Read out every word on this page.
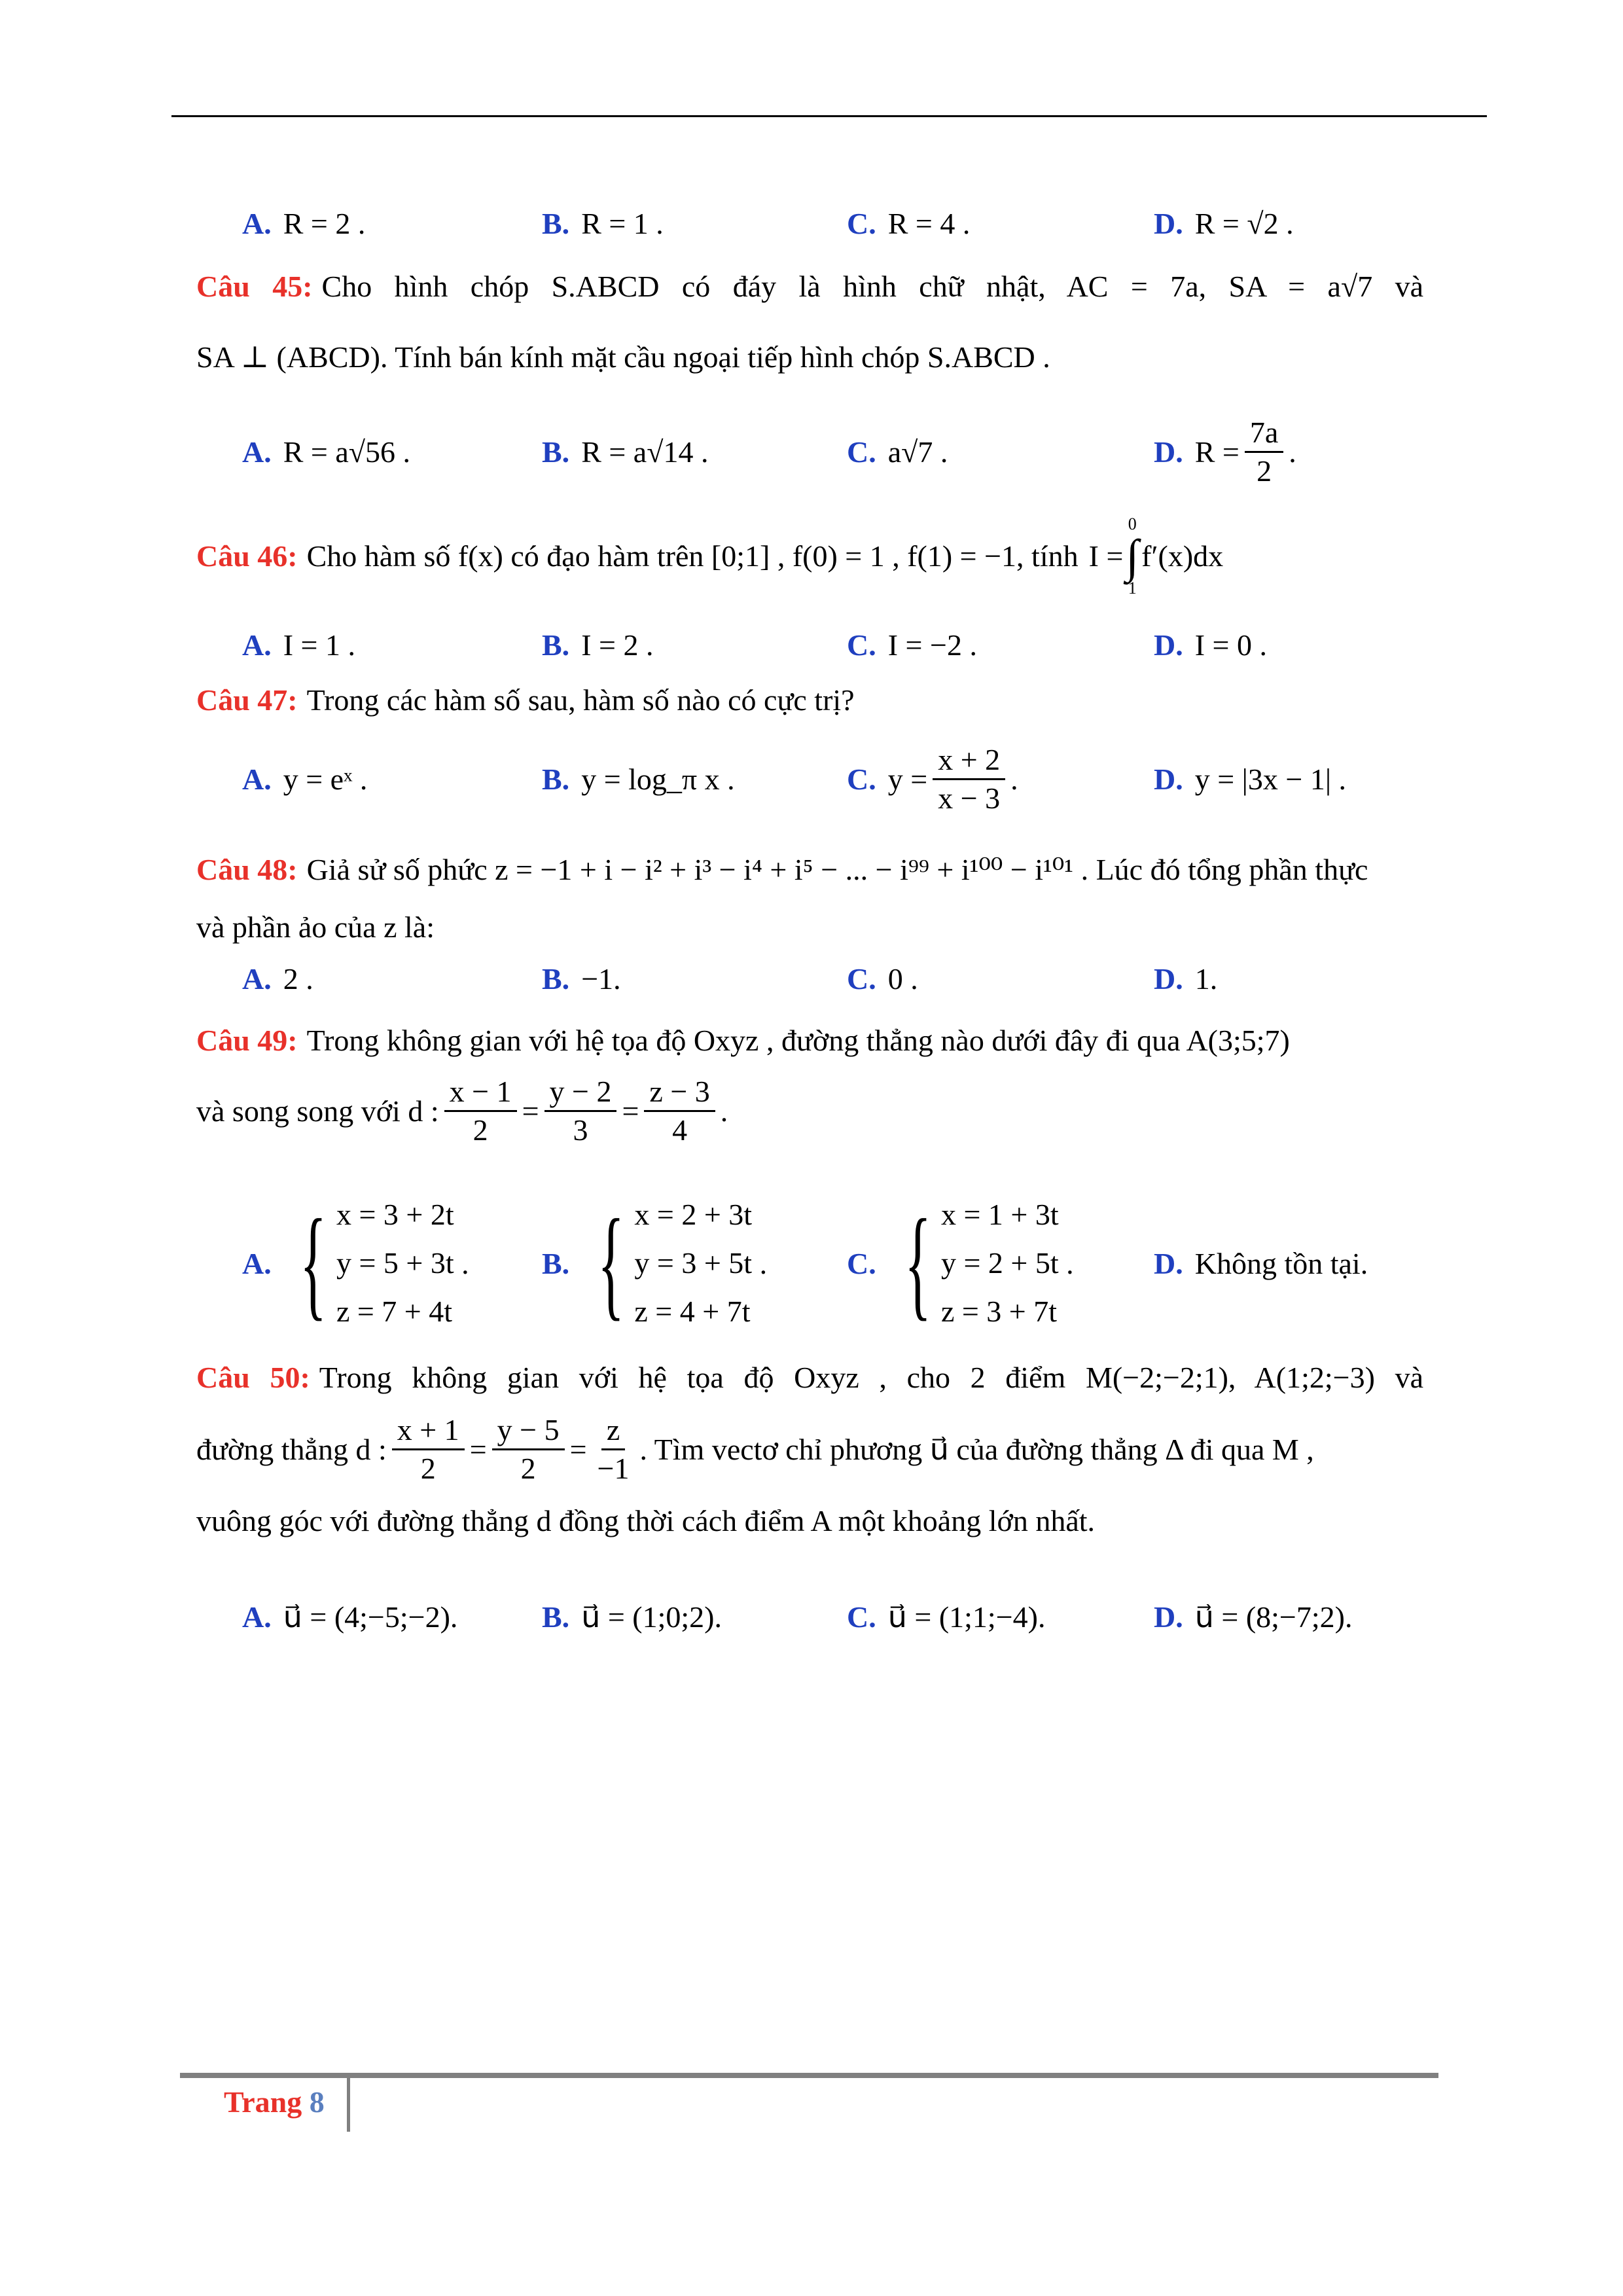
A. R = 2 .	B. R = 1 .	C. R = 4 .	D. R = √2 .
Câu 45: Cho hình chóp S.ABCD có đáy là hình chữ nhật, AC = 7a, SA = a√7 và
SA ⊥ (ABCD). Tính bán kính mặt cầu ngoại tiếp hình chóp S.ABCD .
A. R = a√56 .	B. R = a√14 .	C. a√7 .	D. $R = \frac{7a}{2}$ .
Câu 46: Cho hàm số f(x) có đạo hàm trên [0;1] , f(0) = 1 , f(1) = −1, tính I =
0
∫
1
f′(x)dx
A. I = 1 .	B. I = 2 .	C. I = −2 .	D. I = 0 .
Câu 47: Trong các hàm số sau, hàm số nào có cực trị?
A. y = eˣ .	B. y = log_π x .	C. $y = \frac{x + 2}{x - 3}$ .	D. y = |3x − 1| .
Câu 48: Giả sử số phức z = −1 + i − i² + i³ − i⁴ + i⁵ − ... − i⁹⁹ + i¹⁰⁰ − i¹⁰¹ . Lúc đó tổng phần thực
và phần ảo của z là:
A. 2 .	B. −1.	C. 0 .	D. 1.
Câu 49: Trong không gian với hệ tọa độ Oxyz , đường thẳng nào dưới đây đi qua A(3;5;7)
và song song với d : $\frac{x - 1}{2} = \frac{y - 2}{3} = \frac{z - 3}{4}$ .
A. { x = 3 + 2t
y = 5 + 3t
z = 7 + 4t
. B. { x = 2 + 3t
y = 3 + 5t
z = 4 + 7t
.	C. { x = 1 + 3t
y = 2 + 5t
z = 3 + 7t
.	D. Không tồn tại.
Câu 50: Trong không gian với hệ tọa độ Oxyz , cho 2 điểm M(−2;−2;1), A(1;2;−3) và
đường thẳng d : $\frac{x + 1}{2} = \frac{y - 5}{2} = \frac{z}{-1}$ . Tìm vectơ chỉ phương u⃗ của đường thẳng Δ đi qua M ,
vuông góc với đường thẳng d đồng thời cách điểm A một khoảng lớn nhất.
A. u⃗ = (4;−5;−2).	B. u⃗ = (1;0;2).	C. u⃗ = (1;1;−4).	D. u⃗ = (8;−7;2).
Trang 8
